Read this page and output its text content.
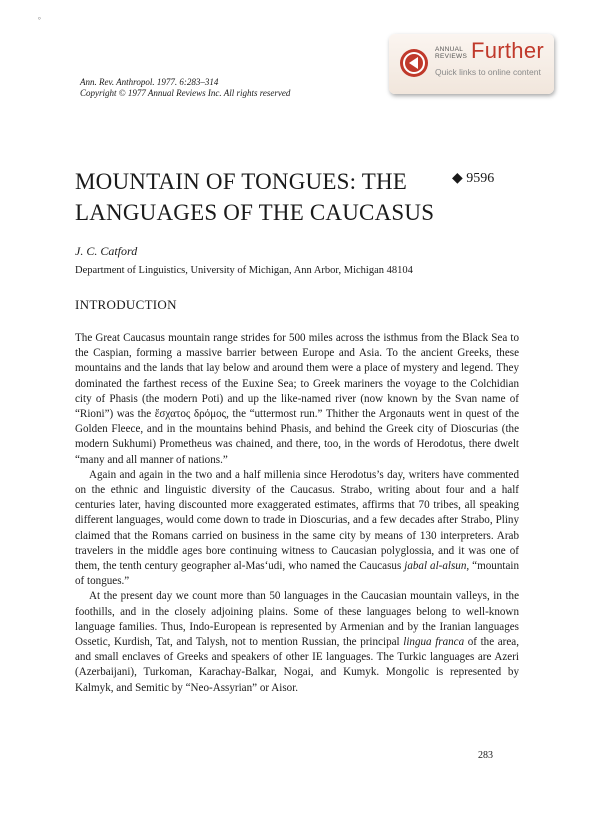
°
ANNUAL
REVIEWS Further
Quick links to online content
Ann. Rev. Anthropol. 1977. 6:283–314
Copyright © 1977 Annual Reviews Inc. All rights reserved
MOUNTAIN OF TONGUES: THE
LANGUAGES OF THE CAUCASUS
◆ 9596
J. C. Catford
Department of Linguistics, University of Michigan, Ann Arbor, Michigan 48104
INTRODUCTION

The Great Caucasus mountain range strides for 500 miles across the isthmus from the Black Sea to the Caspian, forming a massive barrier between Europe and Asia. To the ancient Greeks, these mountains and the lands that lay below and around them were a place of mystery and legend. They dominated the farthest recess of the Euxine Sea; to Greek mariners the voyage to the Colchidian city of Phasis (the modern Poti) and up the like-named river (now known by the Svan name of “Rioni”) was the ἔσχατος δρόμος, the “uttermost run.” Thither the Argonauts went in quest of the Golden Fleece, and in the mountains behind Phasis, and behind the Greek city of Dioscurias (the modern Sukhumi) Prometheus was chained, and there, too, in the words of Herodotus, there dwelt “many and all manner of nations.”

Again and again in the two and a half millenia since Herodotus’s day, writers have commented on the ethnic and linguistic diversity of the Caucasus. Strabo, writing about four and a half centuries later, having discounted more exaggerated estimates, affirms that 70 tribes, all speaking different languages, would come down to trade in Dioscurias, and a few decades after Strabo, Pliny claimed that the Romans carried on business in the same city by means of 130 interpreters. Arab travelers in the middle ages bore continuing witness to Caucasian polyglossia, and it was one of them, the tenth century geographer al-Masʻudi, who named the Caucasus jabal al-alsun, “mountain of tongues.”

At the present day we count more than 50 languages in the Caucasian mountain valleys, in the foothills, and in the closely adjoining plains. Some of these languages belong to well-known language families. Thus, Indo-European is represented by Armenian and by the Iranian languages Ossetic, Kurdish, Tat, and Talysh, not to mention Russian, the principal lingua franca of the area, and small enclaves of Greeks and speakers of other IE languages. The Turkic languages are Azeri (Azerbaijani), Turkoman, Karachay-Balkar, Nogai, and Kumyk. Mongolic is represented by Kalmyk, and Semitic by “Neo-Assyrian” or Aisor.

283
